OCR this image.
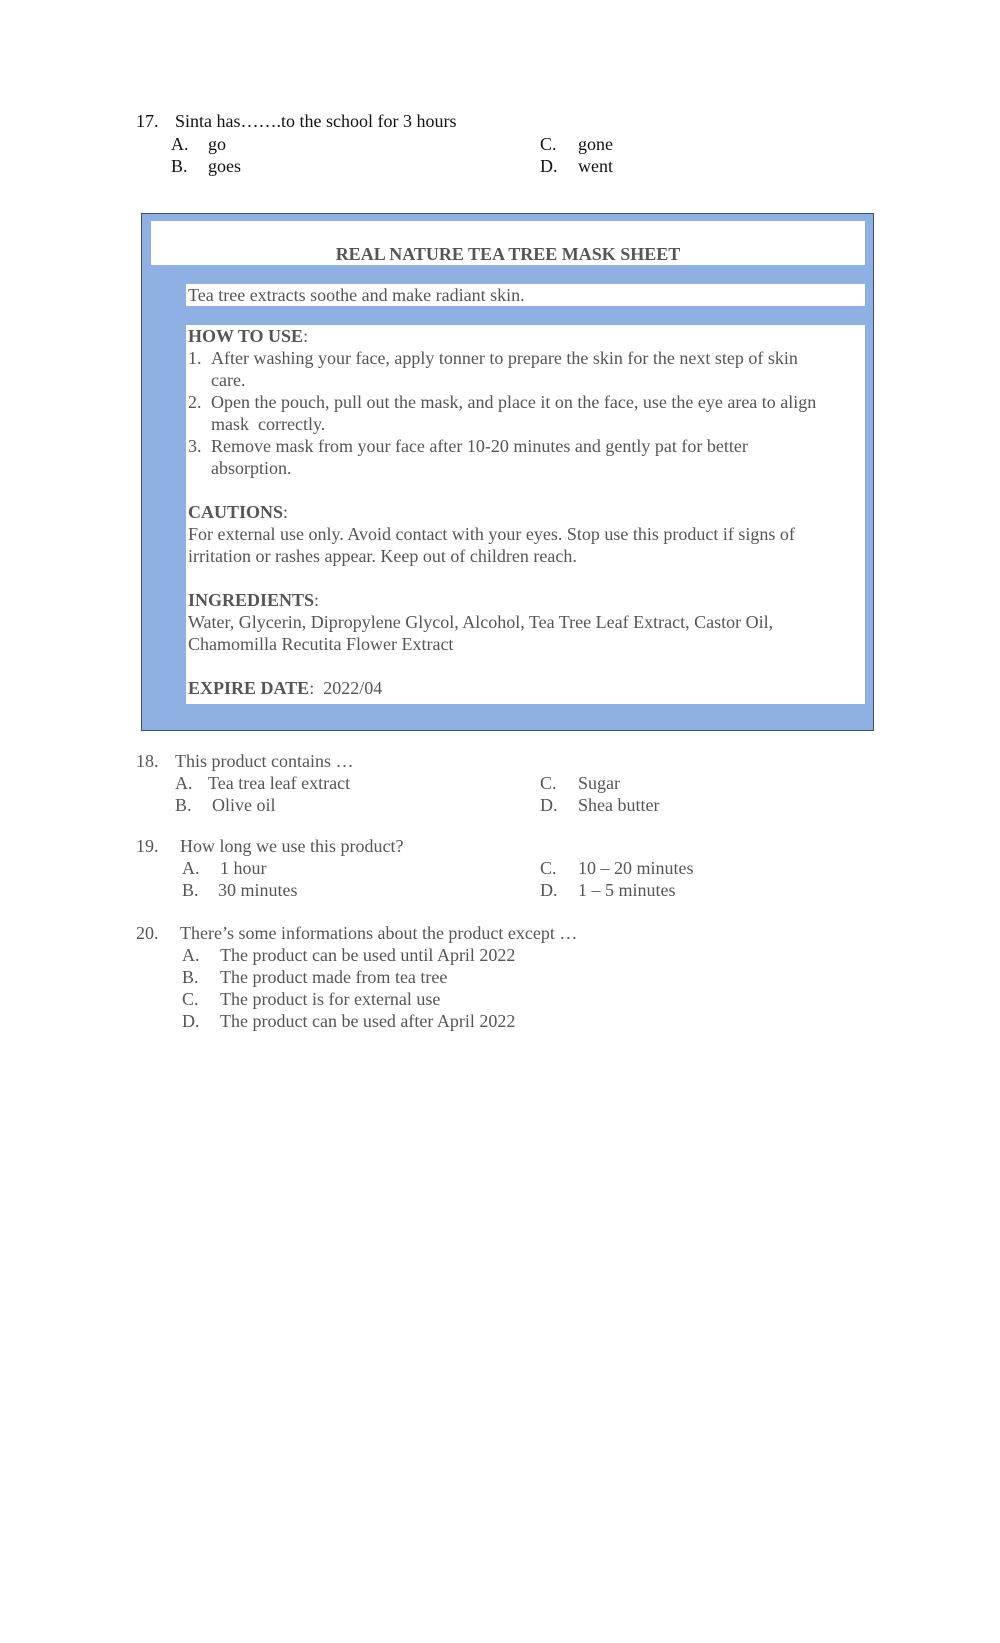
17. Sinta has…….to the school for 3 hours
A. go
B. goes
C. gone
D. went
REAL NATURE TEA TREE MASK SHEET
Tea tree extracts soothe and make radiant skin.
HOW TO USE:
1. After washing your face, apply tonner to prepare the skin for the next step of skin
care.
2. Open the pouch, pull out the mask, and place it on the face, use the eye area to align
mask  correctly.
3. Remove mask from your face after 10-20 minutes and gently pat for better
absorption.
CAUTIONS:
For external use only. Avoid contact with your eyes. Stop use this product if signs of
irritation or rashes appear. Keep out of children reach.
INGREDIENTS:
Water, Glycerin, Dipropylene Glycol, Alcohol, Tea Tree Leaf Extract, Castor Oil,
Chamomilla Recutita Flower Extract
EXPIRE DATE:  2022/04
18. This product contains …
A. Tea trea leaf extract
B. Olive oil
C. Sugar
D. Shea butter
19. How long we use this product?
A. 1 hour
B. 30 minutes
C. 10 – 20 minutes
D. 1 – 5 minutes
20. There’s some informations about the product except …
A. The product can be used until April 2022
B. The product made from tea tree
C. The product is for external use
D. The product can be used after April 2022
